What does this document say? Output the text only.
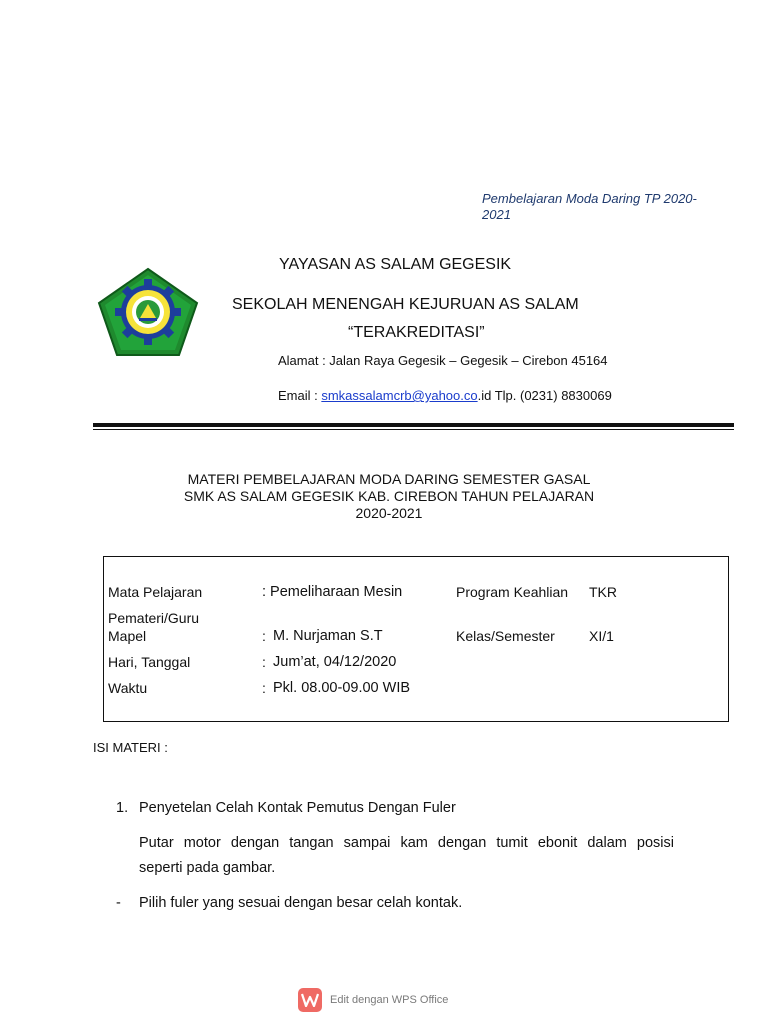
Pembelajaran Moda Daring TP 2020-2021
YAYASAN AS SALAM GEGESIK
SEKOLAH MENENGAH KEJURUAN AS SALAM
“TERAKREDITASI”
Alamat : Jalan Raya Gegesik – Gegesik – Cirebon 45164
Email : smkassalamcrb@yahoo.co.id Tlp. (0231) 8830069
MATERI PEMBELAJARAN MODA DARING SEMESTER GASAL
SMK AS SALAM GEGESIK KAB. CIREBON TAHUN PELAJARAN
2020-2021
Mata Pelajaran	: Pemeliharaan Mesin	Program Keahlian TKR
Pemateri/Guru
Mapel	: M. Nurjaman S.T	Kelas/Semester XI/1
Hari, Tanggal	: Jum’at, 04/12/2020
Waktu	: Pkl. 08.00-09.00 WIB
ISI MATERI :
1. Penyetelan Celah Kontak Pemutus Dengan Fuler
Putar motor dengan tangan sampai kam dengan tumit ebonit dalam posisi
seperti pada gambar.
- Pilih fuler yang sesuai dengan besar celah kontak.
Edit dengan WPS Office
